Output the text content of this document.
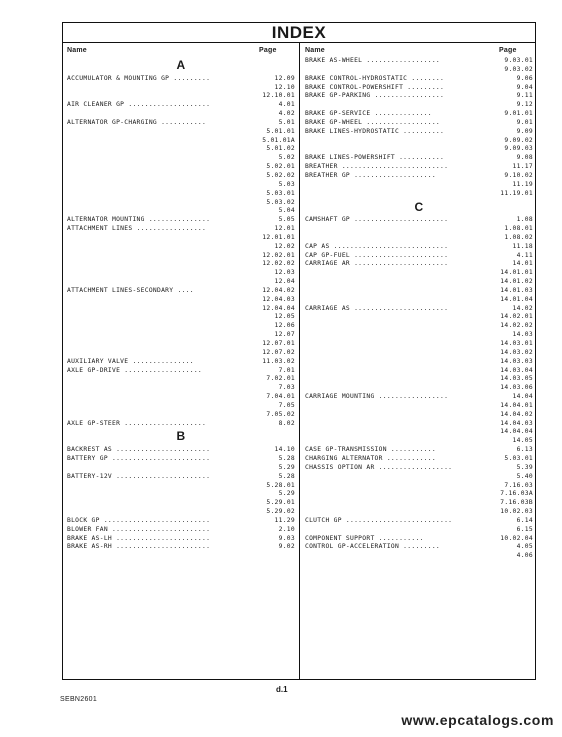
INDEX
Name	Page	Name	Page
A
ACCUMULATOR & MOUNTING GP .........	12.09
12.10
12.10.01
AIR CLEANER GP ....................	4.01
4.02
ALTERNATOR GP-CHARGING ...........	5.01
5.01.01
5.01.01A
5.01.02
5.02
5.02.01
5.02.02
5.03
5.03.01
5.03.02
5.04
ALTERNATOR MOUNTING ...............	5.05
ATTACHMENT LINES .................	12.01
12.01.01
12.02
12.02.01
12.02.02
12.03
12.04
ATTACHMENT LINES-SECONDARY ....	12.04.02
12.04.03
12.04.04
12.05
12.06
12.07
12.07.01
12.07.02
AUXILIARY VALVE ...............	11.03.02
AXLE GP-DRIVE ...................	7.01
7.02.01
7.03
7.04.01
7.05
7.05.02
AXLE GP-STEER ....................	8.02
B
BACKREST AS .......................	14.10
BATTERY GP ........................	5.28
5.29
BATTERY-12V .......................	5.28
5.28.01
5.29
5.29.01
5.29.02
BLOCK GP ..........................	11.29
BLOWER FAN ........................	2.10
BRAKE AS-LH .......................	9.03
BRAKE AS-RH .......................	9.02
BRAKE AS-WHEEL ..................	9.03.01
9.03.02
BRAKE CONTROL-HYDROSTATIC ........	9.06
BRAKE CONTROL-POWERSHIFT .........	9.04
BRAKE GP-PARKING .................	9.11
9.12
BRAKE GP-SERVICE ..............	9.01.01
BRAKE GP-WHEEL ..................	9.01
BRAKE LINES-HYDROSTATIC ..........	9.09
9.09.02
9.09.03
BRAKE LINES-POWERSHIFT ...........	9.08
BREATHER ..........................	11.17
BREATHER GP ....................	9.10.02
11.19
11.19.01
C
CAMSHAFT GP .......................	1.08
1.08.01
1.08.02
CAP AS ............................	11.18
CAP GP-FUEL .......................	4.11
CARRIAGE AR .......................	14.01
14.01.01
14.01.02
14.01.03
14.01.04
CARRIAGE AS .......................	14.02
14.02.01
14.02.02
14.03
14.03.01
14.03.02
14.03.03
14.03.04
14.03.05
14.03.06
CARRIAGE MOUNTING .................	14.04
14.04.01
14.04.02
14.04.03
14.04.04
14.05
CASE GP-TRANSMISSION ...........	6.13
CHARGING ALTERNATOR ............	5.03.01
CHASSIS OPTION AR ..................	5.39
5.40
7.16.03
7.16.03A
7.16.03B
10.02.03
CLUTCH GP ..........................	6.14
6.15
COMPONENT SUPPORT ...........	10.02.04
CONTROL GP-ACCELERATION .........	4.05
4.06
d.1
SEBN2601
www.epcatalogs.com
